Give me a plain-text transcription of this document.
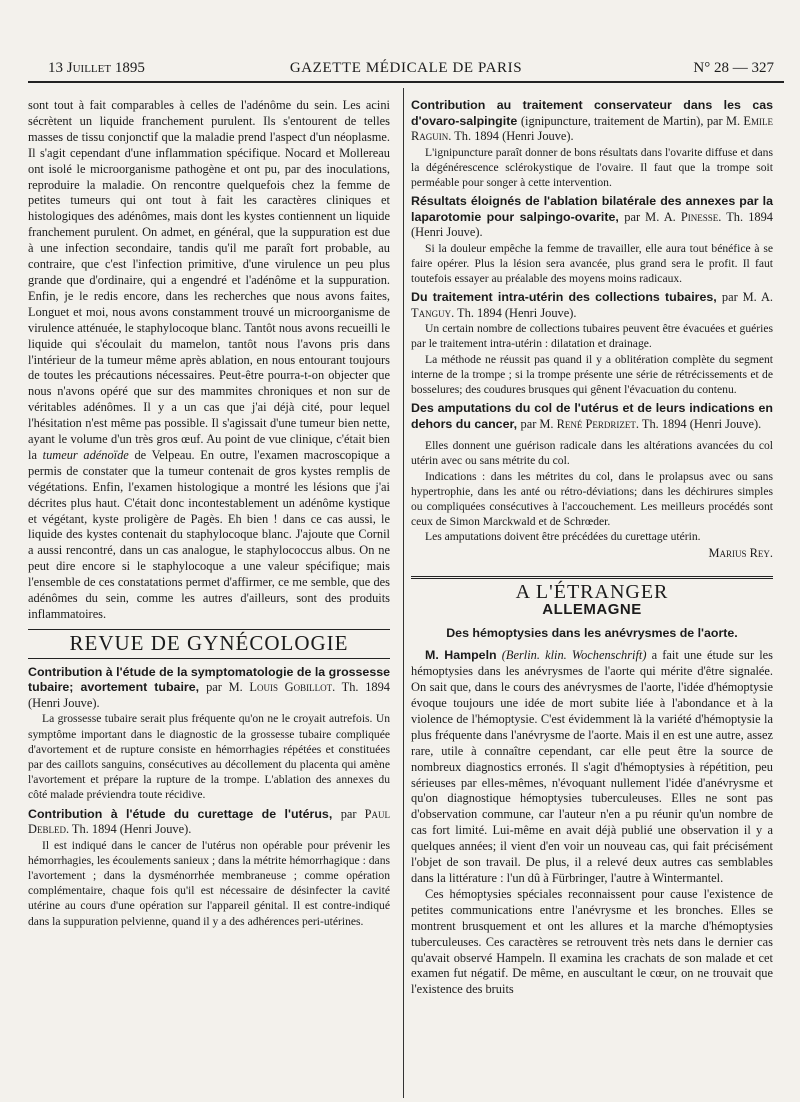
13 Juillet 1895	GAZETTE MÉDICALE DE PARIS	N° 28 — 327

sont tout à fait comparables à celles de l'adénôme du sein. Les acini sécrètent un liquide franchement purulent. Ils s'entourent de telles masses de tissu conjonctif que la maladie prend l'aspect d'un néoplasme. Il s'agit cependant d'une inflammation spécifique. Nocard et Mollereau ont isolé le microorganisme pathogène et ont pu, par des inoculations, reproduire la maladie. On rencontre quelquefois chez la femme de petites tumeurs qui ont tout à fait les caractères cliniques et histologiques des adénômes, mais dont les kystes contiennent un liquide franchement purulent. On admet, en général, que la suppuration est due à une infection secondaire, tandis qu'il me paraît fort probable, au contraire, que c'est l'infection primitive, d'une virulence un peu plus grande que d'ordinaire, qui a engendré et l'adénôme et la suppuration. Enfin, je le redis encore, dans les recherches que nous avons faites, Longuet et moi, nous avons constamment trouvé un microorganisme de virulence atténuée, le staphylocoque blanc. Tantôt nous avons recueilli le liquide qui s'écoulait du mamelon, tantôt nous l'avons pris dans l'intérieur de la tumeur même après ablation, en nous entourant toujours de toutes les précautions nécessaires. Peut-être pourra-t-on objecter que nous n'avons opéré que sur des mammites chroniques et non sur de véritables adénômes. Il y a un cas que j'ai déjà cité, pour lequel l'hésitation n'est même pas possible. Il s'agissait d'une tumeur bien nette, ayant le volume d'un très gros œuf. Au point de vue clinique, c'était bien la tumeur adénoïde de Velpeau. En outre, l'examen macroscopique a permis de constater que la tumeur contenait de gros kystes remplis de végétations. Enfin, l'examen histologique a montré les lésions que j'ai décrites plus haut. C'était donc incontestablement un adénôme kystique et végétant, kyste proligère de Pagès. Eh bien ! dans ce cas aussi, le liquide des kystes contenait du staphylocoque blanc. J'ajoute que Cornil a aussi rencontré, dans un cas analogue, le staphylococcus albus. On ne peut dire encore si le staphylocoque a une valeur spécifique; mais l'ensemble de ces constatations permet d'affirmer, ce me semble, que des adénômes du sein, comme les autres d'ailleurs, sont des produits inflammatoires.

REVUE DE GYNÉCOLOGIE
Contribution à l'étude de la symptomatologie de la grossesse tubaire; avortement tubaire, par M. Louis Gobillot. Th. 1894 (Henri Jouve).

La grossesse tubaire serait plus fréquente qu'on ne le croyait autrefois. Un symptôme important dans le diagnostic de la grossesse tubaire compliquée d'avortement et de rupture consiste en hémorrhagies répétées et constituées par des caillots sanguins, consécutives au décollement du placenta qui amène l'avortement et prépare la rupture de la trompe. L'ablation des annexes du côté malade préviendra toute récidive.

Contribution à l'étude du curettage de l'utérus, par Paul Debled. Th. 1894 (Henri Jouve).

Il est indiqué dans le cancer de l'utérus non opérable pour prévenir les hémorrhagies, les écoulements sanieux ; dans la métrite hémorrhagique : dans l'avortement ; dans la dysménorrhée membraneuse ; comme opération complémentaire, chaque fois qu'il est nécessaire de désinfecter la cavité utérine au cours d'une opération sur l'appareil génital. Il est contre-indiqué dans la suppuration pelvienne, quand il y a des adhérences peri-utérines.

Contribution au traitement conservateur dans les cas d'ovaro-salpingite (ignipuncture, traitement de Martin), par M. Emile Raguin. Th. 1894 (Henri Jouve).

L'ignipuncture paraît donner de bons résultats dans l'ovarite diffuse et dans la dégénérescence sclérokystique de l'ovaire. Il faut que la trompe soit perméable pour songer à cette intervention.

Résultats éloignés de l'ablation bilatérale des annexes par la laparotomie pour salpingo-ovarite, par M. A. Pinesse. Th. 1894 (Henri Jouve).

Si la douleur empêche la femme de travailler, elle aura tout bénéfice à se faire opérer. Plus la lésion sera avancée, plus grand sera le profit. Il faut toutefois essayer au préalable des moyens moins radicaux.

Du traitement intra-utérin des collections tubaires, par M. A. Tanguy. Th. 1894 (Henri Jouve).

Un certain nombre de collections tubaires peuvent être évacuées et guéries par le traitement intra-utérin : dilatation et drainage.

La méthode ne réussit pas quand il y a oblitération complète du segment interne de la trompe ; si la trompe présente une série de rétrécissements et de bosselures; des coudures brusques qui gênent l'évacuation du contenu.

Des amputations du col de l'utérus et de leurs indications en dehors du cancer, par M. René Perdrizet. Th. 1894 (Henri Jouve).

Elles donnent une guérison radicale dans les altérations avancées du col utérin avec ou sans métrite du col.

Indications : dans les métrites du col, dans le prolapsus avec ou sans hypertrophie, dans les anté ou rétro-déviations; dans les déchirures simples ou compliquées consécutives à l'accouchement. Les meilleurs procédés sont ceux de Simon Marckwald et de Schrœder.

Les amputations doivent être précédées du curettage utérin.

Marius Rey.
A L'ÉTRANGER
ALLEMAGNE
Des hémoptysies dans les anévrysmes de l'aorte.

M. Hampeln (Berlin. klin. Wochenschrift) a fait une étude sur les hémoptysies dans les anévrysmes de l'aorte qui mérite d'être signalée. On sait que, dans le cours des anévrysmes de l'aorte, l'idée d'hémoptysie évoque toujours une idée de mort subite liée à l'abondance et à la violence de l'hémoptysie. C'est évidemment là la variété d'hémoptysie la plus fréquente dans l'anévrysme de l'aorte. Mais il en est une autre, assez rare, utile à connaître cependant, car elle peut être la source de nombreux diagnostics erronés. Il s'agit d'hémoptysies à répétition, peu sérieuses par elles-mêmes, n'évoquant nullement l'idée d'anévrysme et qu'on diagnostique hémoptysies tuberculeuses. Elles ne sont pas d'observation commune, car l'auteur n'en a pu réunir qu'un nombre de cas fort limité. Lui-même en avait déjà publié une observation il y a quelques années; il vient d'en voir un nouveau cas, qui fait précisément l'objet de son travail. De plus, il a relevé deux autres cas semblables dans la littérature : l'un dû à Fürbringer, l'autre à Wintermantel.

Ces hémoptysies spéciales reconnaissent pour cause l'existence de petites communications entre l'anévrysme et les bronches. Elles se montrent brusquement et ont les allures et la marche d'hémoptysies tuberculeuses. Ces caractères se retrouvent très nets dans le dernier cas qu'avait observé Hampeln. Il examina les crachats de son malade et cet examen fut négatif. De même, en auscultant le cœur, on ne trouvait que l'existence des bruits
